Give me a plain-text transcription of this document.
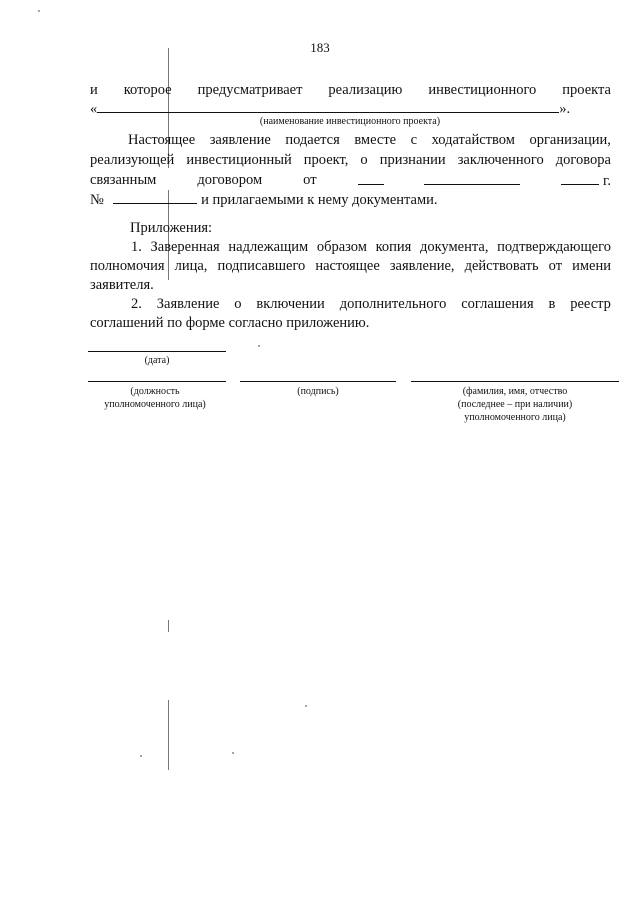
183
и которое предусматривает реализацию инвестиционного проекта
«	».
(наименование инвестиционного проекта)
Настоящее заявление подается вместе с ходатайством организации,
реализующей инвестиционный проект, о признании заключенного договора
связанным	договором	от	г.
№	и прилагаемыми к нему документами.
Приложения:
1. Заверенная надлежащим образом копия документа, подтверждающего
полномочия лица, подписавшего настоящее заявление, действовать от имени
заявителя.
2. Заявление о включении дополнительного соглашения в реестр
соглашений по форме согласно приложению.
(дата)
(должность
уполномоченного лица)
(подпись)	(фамилия, имя, отчество
(последнее – при наличии)
уполномоченного лица)
